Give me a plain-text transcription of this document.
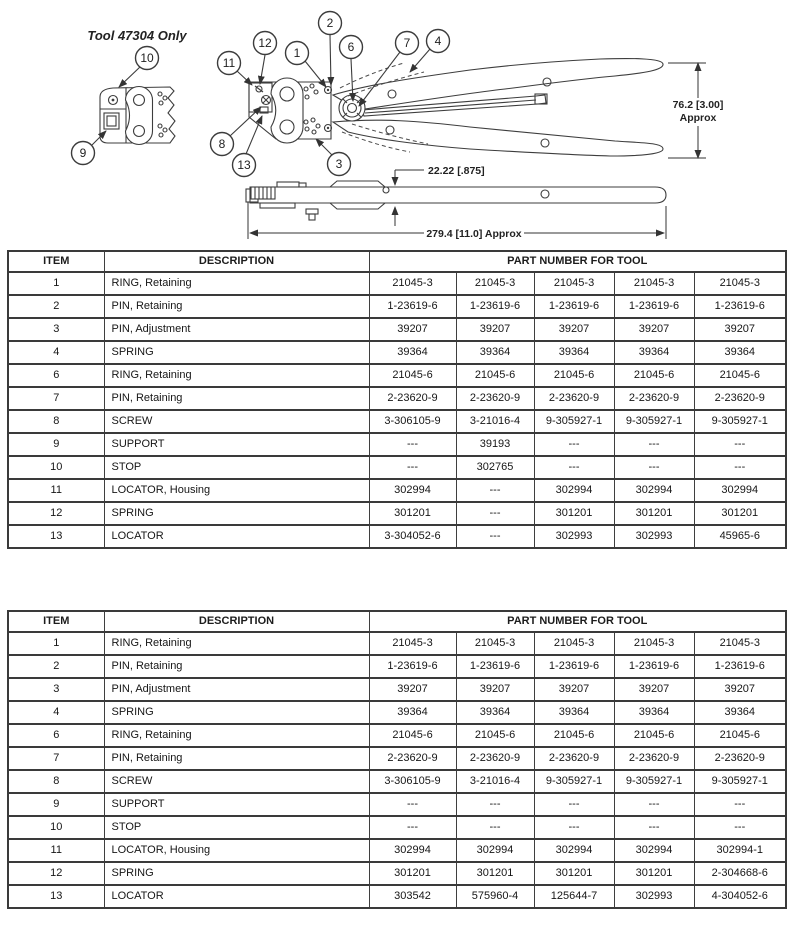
Tool 47304 Only
76.2 [3.00]
Approx
22.22 [.875]
279.4 [11.0] Approx
10
9
11
12
1
2
6	7 4
8
13	3
ITEM	DESCRIPTION	PART NUMBER FOR TOOL				
1	RING, Retaining	21045-3	21045-3	21045-3	21045-3	21045-3
2	PIN, Retaining	1-23619-6	1-23619-6	1-23619-6	1-23619-6	1-23619-6
3	PIN, Adjustment	39207	39207	39207	39207	39207
4	SPRING	39364	39364	39364	39364	39364
6	RING, Retaining	21045-6	21045-6	21045-6	21045-6	21045-6
7	PIN, Retaining	2-23620-9	2-23620-9	2-23620-9	2-23620-9	2-23620-9
8	SCREW	3-306105-9	3-21016-4	9-305927-1	9-305927-1	9-305927-1
9	SUPPORT	---	39193	---	---	---
10	STOP	---	302765	---	---	---
11	LOCATOR, Housing	302994	---	302994	302994	302994
12	SPRING	301201	---	301201	301201	301201
13	LOCATOR	3-304052-6	---	302993	302993	45965-6
ITEM	DESCRIPTION	PART NUMBER FOR TOOL				
1	RING, Retaining	21045-3	21045-3	21045-3	21045-3	21045-3
2	PIN, Retaining	1-23619-6	1-23619-6	1-23619-6	1-23619-6	1-23619-6
3	PIN, Adjustment	39207	39207	39207	39207	39207
4	SPRING	39364	39364	39364	39364	39364
6	RING, Retaining	21045-6	21045-6	21045-6	21045-6	21045-6
7	PIN, Retaining	2-23620-9	2-23620-9	2-23620-9	2-23620-9	2-23620-9
8	SCREW	3-306105-9	3-21016-4	9-305927-1	9-305927-1	9-305927-1
9	SUPPORT	---	---	---	---	---
10	STOP	---	---	---	---	---
11	LOCATOR, Housing	302994	302994	302994	302994	302994-1
12	SPRING	301201	301201	301201	301201	2-304668-6
13	LOCATOR	303542	575960-4	125644-7	302993	4-304052-6
